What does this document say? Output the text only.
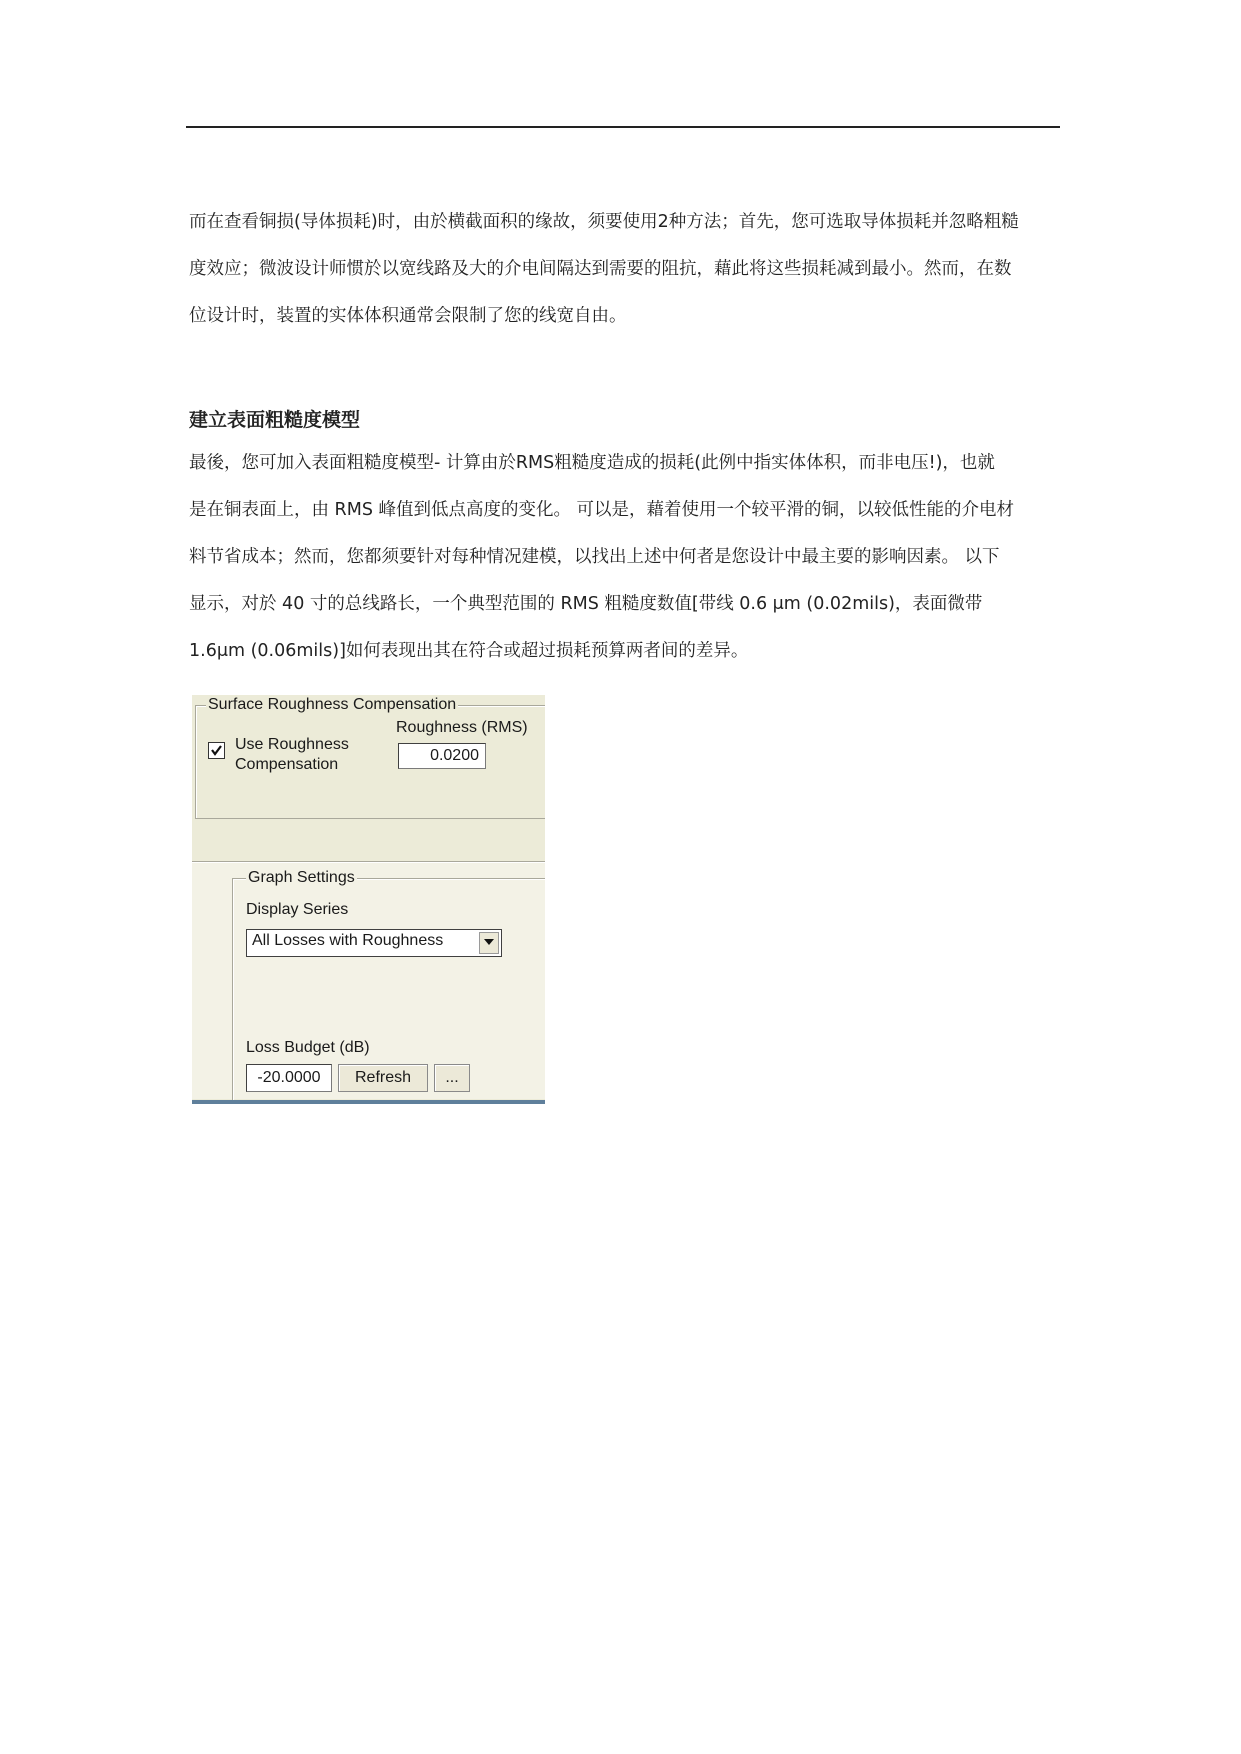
而在查看铜损(导体损耗)时，由於横截面积的缘故，须要使用2种方法；首先，您可选取导体损耗并忽略粗糙
度效应；微波设计师惯於以宽线路及大的介电间隔达到需要的阻抗，藉此将这些损耗减到最小。然而，在数
位设计时，装置的实体体积通常会限制了您的线宽自由。

建立表面粗糙度模型

最後，您可加入表面粗糙度模型- 计算由於RMS粗糙度造成的损耗(此例中指实体体积，而非电压!)，也就
是在铜表面上，由 RMS 峰值到低点高度的变化。 可以是，藉着使用一个较平滑的铜，以较低性能的介电材
料节省成本；然而，您都须要针对每种情况建模，以找出上述中何者是您设计中最主要的影响因素。 以下
显示，对於 40 寸的总线路长，一个典型范围的 RMS 粗糙度数值[带线 0.6 μm (0.02mils)，表面微带
1.6μm (0.06mils)]如何表现出其在符合或超过损耗预算两者间的差异。

Surface Roughness Compensation
Use Roughness
Compensation
Roughness (RMS)
0.0200
Graph Settings
Display Series
All Losses with Roughness
Loss Budget (dB)
-20.0000	Refresh	...
